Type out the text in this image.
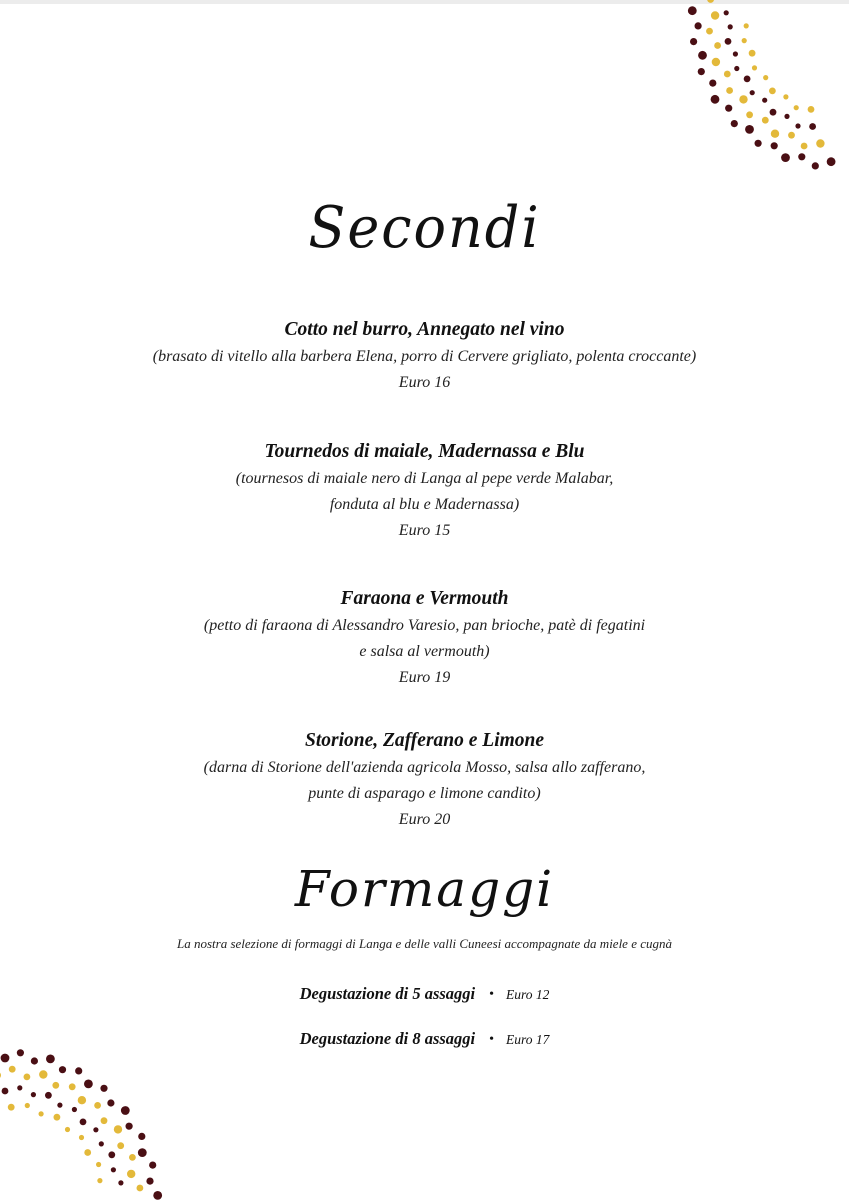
Secondi
Cotto nel burro, Annegato nel vino
(brasato di vitello alla barbera Elena, porro di Cervere grigliato, polenta croccante)
Euro 16
Tournedos di maiale, Madernassa e Blu
(tournesos di maiale nero di Langa al pepe verde Malabar,
fonduta al blu e Madernassa)
Euro 15
Faraona e Vermouth
(petto di faraona di Alessandro Varesio, pan brioche, patè di fegatini
e salsa al vermouth)
Euro 19
Storione, Zafferano e Limone
(darna di Storione dell'azienda agricola Mosso, salsa allo zafferano,
punte di asparago e limone candito)
Euro 20
Formaggi
La nostra selezione di formaggi di Langa e delle valli Cuneesi accompagnate da miele e cugnà
Degustazione di 5 assaggi • Euro 12
Degustazione di 8 assaggi • Euro 17
